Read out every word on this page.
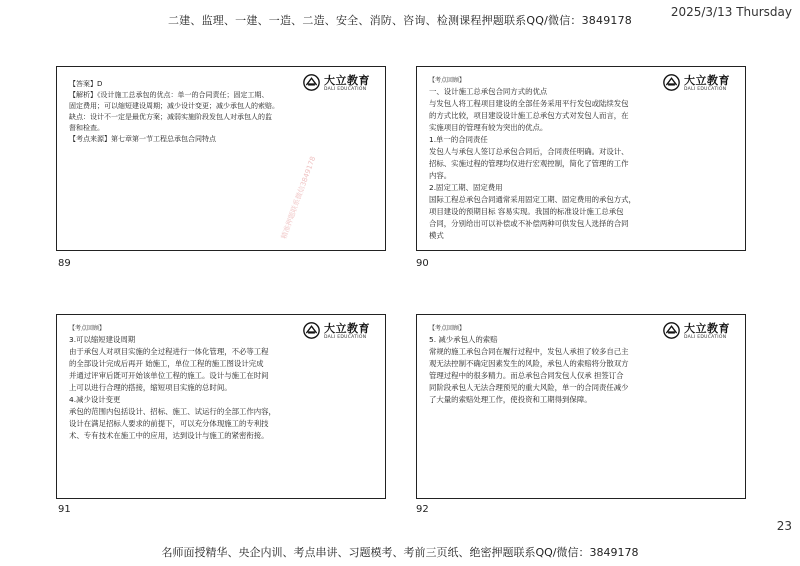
二建、监理、一建、一造、二造、安全、消防、咨询、检测课程押题联系QQ/微信：3849178
2025/3/13 Thursday
大立教育
DALI EDUCATION
【答案】D
【解析】《设计施工总承包的优点：单一的合同责任；固定工期、
固定费用；可以缩短建设周期；减少设计变更；减少承包人的索赔。
缺点：设计不一定是最优方案；减弱实施阶段发包人对承包人的监
督和检查。
【考点来源】第七章第一节工程总承包合同特点
精准押题联系微信3849178
89
大立教育
DALI EDUCATION
【考点回顾】
一、设计施工总承包合同方式的优点
与发包人将工程项目建设的全部任务采用平行发包或陆续发包
的方式比较，项目建设设计施工总承包方式对发包人而言，在
实施项目的管理有较为突出的优点。
1.单一的合同责任
发包人与承包人签订总承包合同后，合同责任明确。对设计、
招标、实施过程的管理均仅进行宏观控制，简化了管理的工作
内容。
2.固定工期、固定费用
国际工程总承包合同通常采用固定工期、固定费用的承包方式，
项目建设的预期目标 容易实现。我国的标准设计施工总承包
合同，分别给出可以补偿或不补偿两种可供发包人选择的合同
模式
90
大立教育
DALI EDUCATION
【考点回顾】
3.可以缩短建设周期
由于承包人对项目实施的全过程进行一体化管理，不必等工程
的全部设计完成后再开 始施工，单位工程的施工图设计完成
并通过评审后既可开始该单位工程的施工。设计与施工在时间
上可以进行合理的搭接，缩短项目实施的总时间。
4.减少设计变更
承包的范围内包括设计、招标、施工、试运行的全部工作内容，
设计在满足招标人要求的前提下，可以充分体现施工的专利技
术、专有技术在施工中的应用，达到设计与施工的紧密衔接。
91
大立教育
DALI EDUCATION
【考点回顾】
5. 减少承包人的索赔
常规的施工承包合同在履行过程中，发包人承担了较多自己主
观无法控制不确定因素发生的风险，承包人的索赔将分散双方
管理过程中的很多精力。而总承包合同发包人仅承 担签订合
同阶段承包人无法合理预见的重大风险，单一的合同责任减少
了大量的索赔处理工作，使投资和工期得到保障。
92
23
名师面授精华、央企内训、考点串讲、习题模考、考前三页纸、绝密押题联系QQ/微信：3849178
